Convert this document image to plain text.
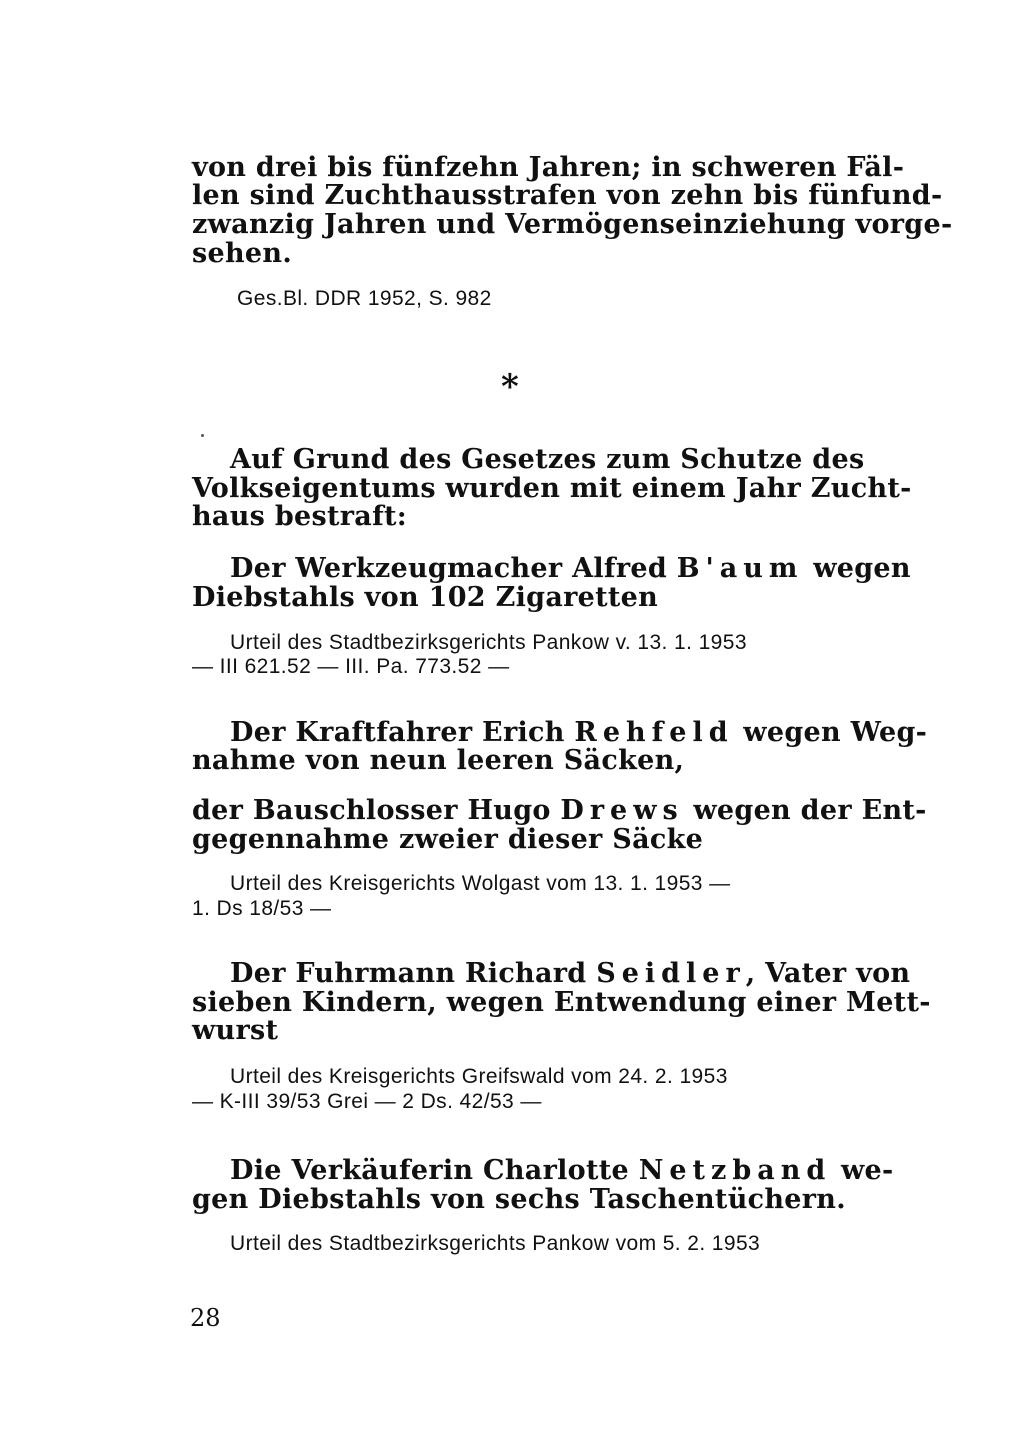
von drei bis fünfzehn Jahren; in schweren Fäl-
len sind Zuchthausstrafen von zehn bis fünfund-
zwanzig Jahren und Vermögenseinziehung vorge-
sehen.
Ges.Bl. DDR 1952, S. 982
*
Auf Grund des Gesetzes zum Schutze des
Volkseigentums wurden mit einem Jahr Zucht-
haus bestraft:
Der Werkzeugmacher Alfred B'aum wegen
Diebstahls von 102 Zigaretten
Urteil des Stadtbezirksgerichts Pankow v. 13. 1. 1953
— III 621.52 — III. Pa. 773.52 —
Der Kraftfahrer Erich Rehfeld wegen Weg-
nahme von neun leeren Säcken,
der Bauschlosser Hugo Drews wegen der Ent-
gegennahme zweier dieser Säcke
Urteil des Kreisgerichts Wolgast vom 13. 1. 1953 —
1. Ds 18/53 —
Der Fuhrmann Richard Seidler, Vater von
sieben Kindern, wegen Entwendung einer Mett-
wurst
Urteil des Kreisgerichts Greifswald vom 24. 2. 1953
— K-III 39/53 Grei — 2 Ds. 42/53 —
Die Verkäuferin Charlotte Netzband we-
gen Diebstahls von sechs Taschentüchern.
Urteil des Stadtbezirksgerichts Pankow vom 5. 2. 1953
28
